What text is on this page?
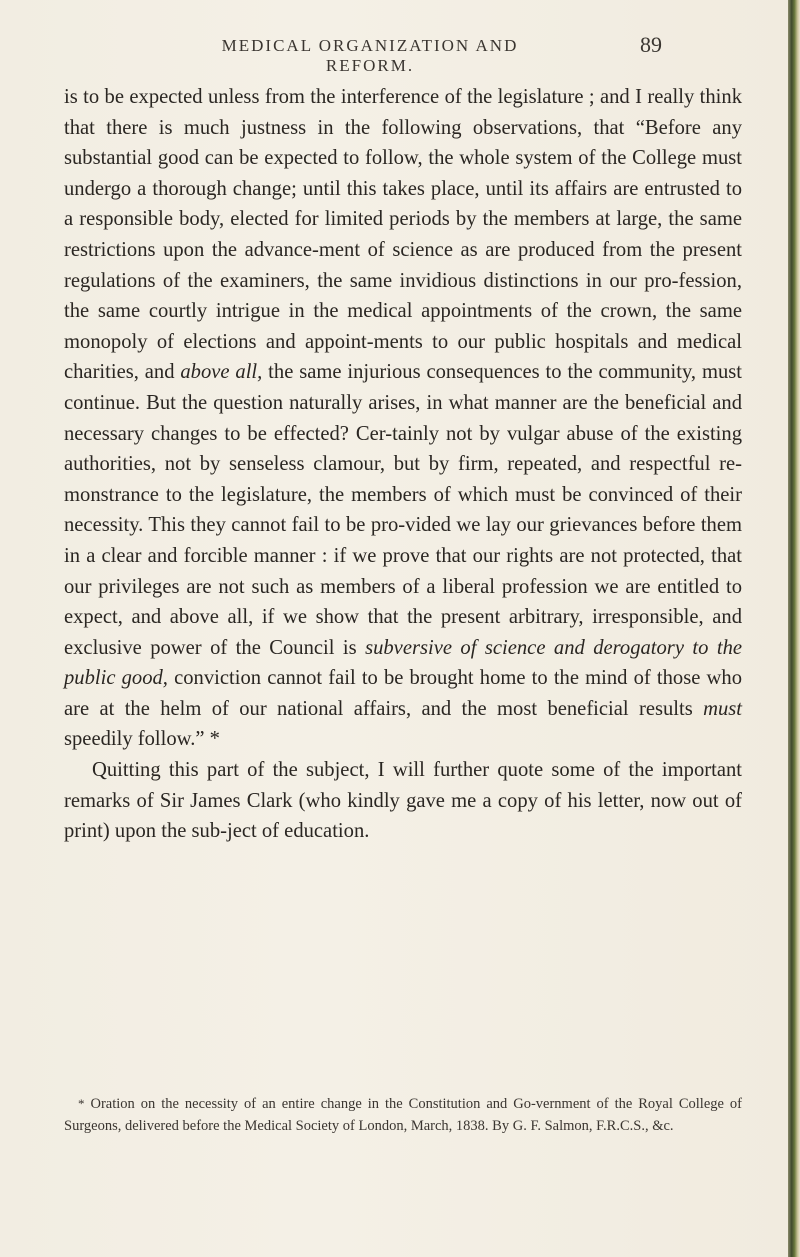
MEDICAL ORGANIZATION AND REFORM.
89

is to be expected unless from the interference of the legislature ; and I really think that there is much justness in the following observations, that “Before any substantial good can be expected to follow, the whole system of the College must undergo a thorough change; until this takes place, until its affairs are entrusted to a responsible body, elected for limited periods by the members at large, the same restrictions upon the advance-ment of science as are produced from the present regulations of the examiners, the same invidious distinctions in our pro-fession, the same courtly intrigue in the medical appointments of the crown, the same monopoly of elections and appoint-ments to our public hospitals and medical charities, and above all, the same injurious consequences to the community, must continue. But the question naturally arises, in what manner are the beneficial and necessary changes to be effected? Cer-tainly not by vulgar abuse of the existing authorities, not by senseless clamour, but by firm, repeated, and respectful re-monstrance to the legislature, the members of which must be convinced of their necessity. This they cannot fail to be pro-vided we lay our grievances before them in a clear and forcible manner : if we prove that our rights are not protected, that our privileges are not such as members of a liberal profession we are entitled to expect, and above all, if we show that the present arbitrary, irresponsible, and exclusive power of the Council is subversive of science and derogatory to the public good, conviction cannot fail to be brought home to the mind of those who are at the helm of our national affairs, and the most beneficial results must speedily follow.” *

Quitting this part of the subject, I will further quote some of the important remarks of Sir James Clark (who kindly gave me a copy of his letter, now out of print) upon the sub-ject of education.

* Oration on the necessity of an entire change in the Constitution and Go-vernment of the Royal College of Surgeons, delivered before the Medical Society of London, March, 1838. By G. F. Salmon, F.R.C.S., &c.
